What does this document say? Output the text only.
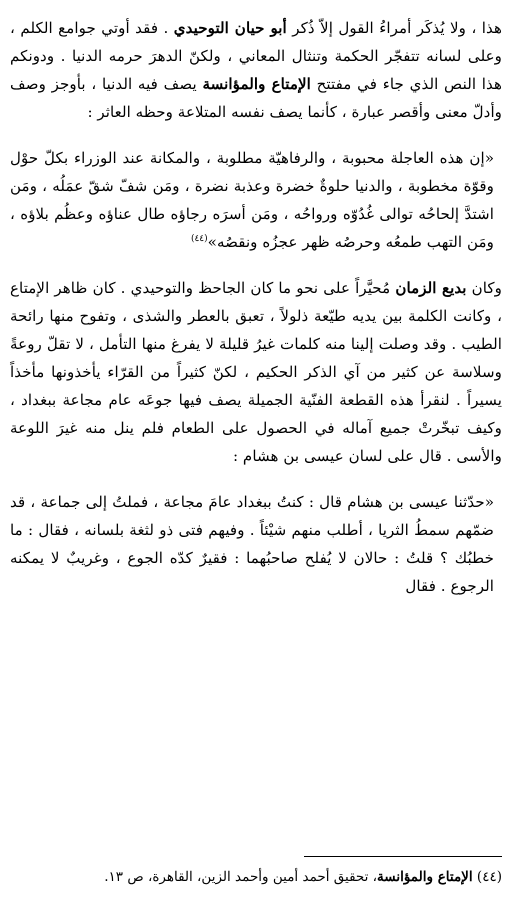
هذا ، ولا يُذكَر أمراءُ القول إلاّ ذُكر أبو حيان التوحيدي . فقد أوتي جوامع الكلم ، وعلى لسانه تتفجّر الحكمة وتنثال المعاني ، ولكنّ الدهرَ حرمه الدنيا . ودونكم هذا النص الذي جاء في مفتتح الإمتاع والمؤانسة يصف فيه الدنيا ، بأوجز وصف وأدلّ معنى وأقصر عبارة ، كأنما يصف نفسه المتلاعة وحظه العاثر :

«إن هذه العاجلة محبوبة ، والرفاهيّة مطلوبة ، والمكانة عند الوزراء بكلّ حوْل وقوّة مخطوبة ، والدنيا حلوةٌ خضرة وعذبة نضرة ، ومَن شفّ شقّ عمَلُه ، ومَن اشتدَّ إلحاحُه توالى غُدُوّه ورواحُه ، ومَن أسرَه رجاؤه طال عناؤه وعظُم بلاؤه ، ومَن التهب طمعُه وحرصُه ظهر عجزُه ونقصُه»$^{(٤٤)}$

وكان بديع الزمان مُحيَّراً على نحو ما كان الجاحظ والتوحيدي . كان ظاهر الإمتاع ، وكانت الكلمة بين يديه طيّعة ذلولاً ، تعبق بالعطر والشذى ، وتفوح منها رائحة الطيب . وقد وصلت إلينا منه كلمات غيرُ قليلة لا يفرغ منها التأمل ، لا تقلّ روعةً وسلاسة عن كثير من آي الذكر الحكيم ، لكنّ كثيراً من القرّاء يأخذونها مأخذاً يسيراً . لنقرأ هذه القطعة الفنّية الجميلة يصف فيها جوعَه عام مجاعة ببغداد ، وكيف تبخّرتْ جميع آماله في الحصول على الطعام فلم ينل منه غيرَ اللوعة والأسى . قال على لسان عيسى بن هشام :

«حدّثنا عيسى بن هشام قال : كنتُ ببغداد عامَ مجاعة ، فملتُ إلى جماعة ، قد ضمّهم سمطُ الثريا ، أطلب منهم شيْئاً . وفيهم فتى ذو لثغة بلسانه ، فقال : ما خطبُك ؟ قلتُ : حالان لا يُفلح صاحبُهما : فقيرٌ كدّه الجوع ، وغريبٌ لا يمكنه الرجوع . فقال

(٤٤) الإمتاع والمؤانسة، تحقيق أحمد أمين وأحمد الزين، القاهرة، ص ١٣.
